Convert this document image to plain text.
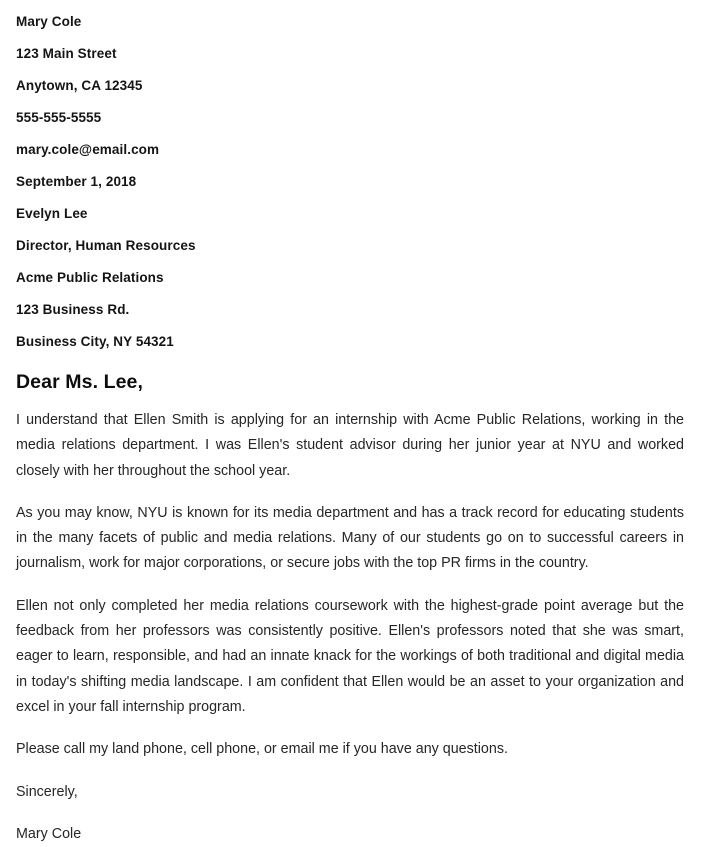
Mary Cole
123 Main Street
Anytown, CA 12345
555-555-5555
mary.cole@email.com
September 1, 2018
Evelyn Lee
Director, Human Resources
Acme Public Relations
123 Business Rd.
Business City, NY 54321
Dear Ms. Lee,

I understand that Ellen Smith is applying for an internship with Acme Public Relations, working in the media relations department. I was Ellen's student advisor during her junior year at NYU and worked closely with her throughout the school year.

As you may know, NYU is known for its media department and has a track record for educating students in the many facets of public and media relations. Many of our students go on to successful careers in journalism, work for major corporations, or secure jobs with the top PR firms in the country.

Ellen not only completed her media relations coursework with the highest-grade point average but the feedback from her professors was consistently positive. Ellen's professors noted that she was smart, eager to learn, responsible, and had an innate knack for the workings of both traditional and digital media in today's shifting media landscape. I am confident that Ellen would be an asset to your organization and excel in your fall internship program.

Please call my land phone, cell phone, or email me if you have any questions.

Sincerely,

Mary Cole
